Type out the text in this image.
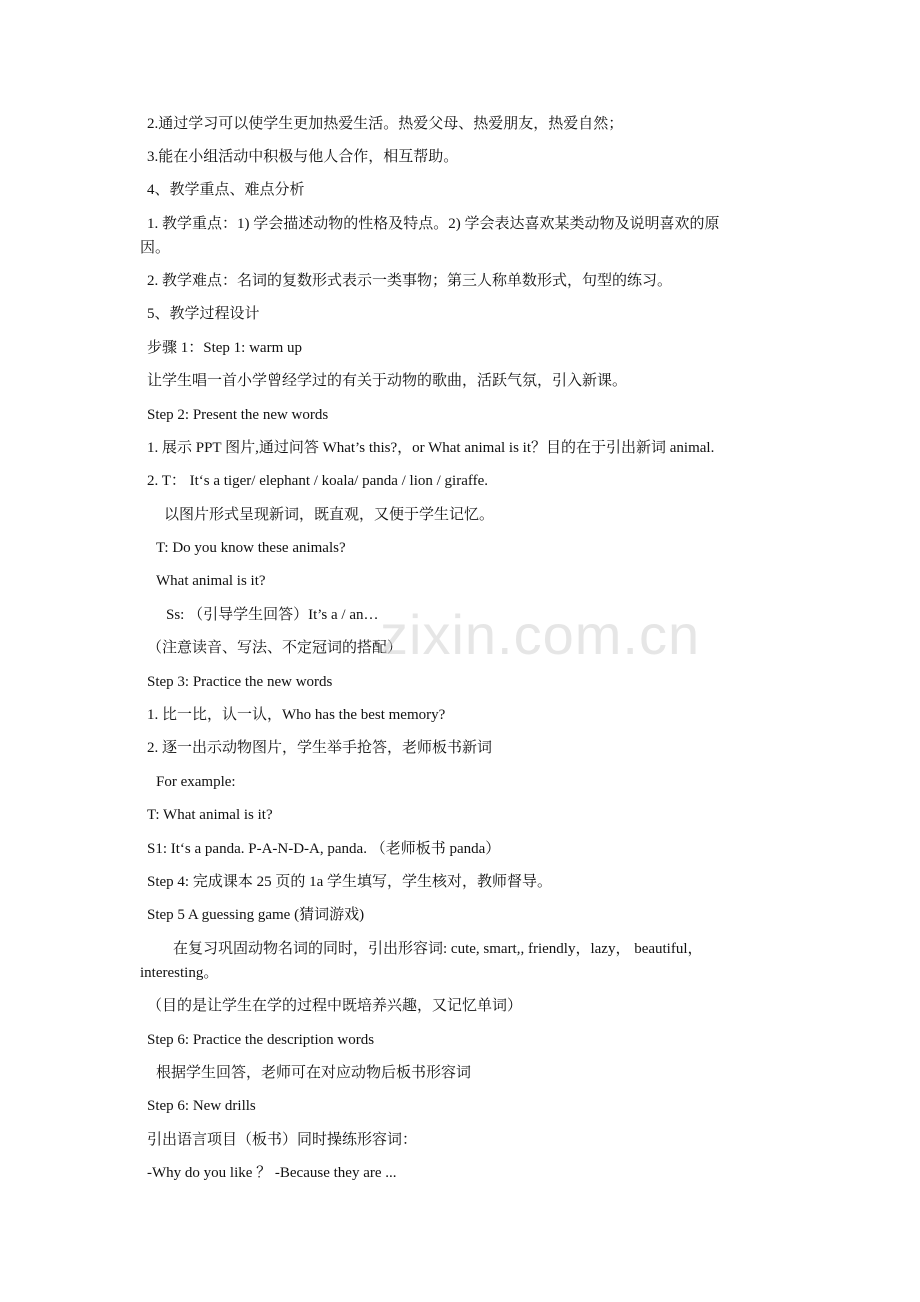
2.通过学习可以使学生更加热爱生活。热爱父母、热爱朋友，热爱自然；

3.能在小组活动中积极与他人合作，相互帮助。

4、教学重点、难点分析

1. 教学重点：1) 学会描述动物的性格及特点。2) 学会表达喜欢某类动物及说明喜欢的原

因。

2. 教学难点：名词的复数形式表示一类事物；第三人称单数形式，句型的练习。

5、教学过程设计

步骤 1：Step 1: warm up

让学生唱一首小学曾经学过的有关于动物的歌曲，活跃气氛，引入新课。

Step 2: Present the new words

1. 展示 PPT 图片,通过问答 What’s this?，or What animal is it？目的在于引出新词 animal.

2. T： It‘s a tiger/ elephant / koala/ panda / lion / giraffe.

以图片形式呈现新词，既直观，又便于学生记忆。

T: Do you know these animals?

What animal is it?

Ss: （引导学生回答）It’s a / an…

（注意读音、写法、不定冠词的搭配）

Step 3: Practice the new words

1. 比一比，认一认，Who has the best memory?

2. 逐一出示动物图片，学生举手抢答，老师板书新词

For example:

T: What animal is it?

S1: It‘s a panda. P-A-N-D-A, panda. （老师板书 panda）

Step 4: 完成课本 25 页的 1a 学生填写，学生核对，教师督导。

Step 5 A guessing game (猜词游戏)

在复习巩固动物名词的同时，引出形容词: cute, smart,, friendly，lazy， beautiful，

interesting。

（目的是让学生在学的过程中既培养兴趣，又记忆单词）

Step 6: Practice the description words

根据学生回答，老师可在对应动物后板书形容词

Step 6: New drills

引出语言项目（板书）同时操练形容词：

-Why do you like ？ -Because they are ...

zixin.com.cn
